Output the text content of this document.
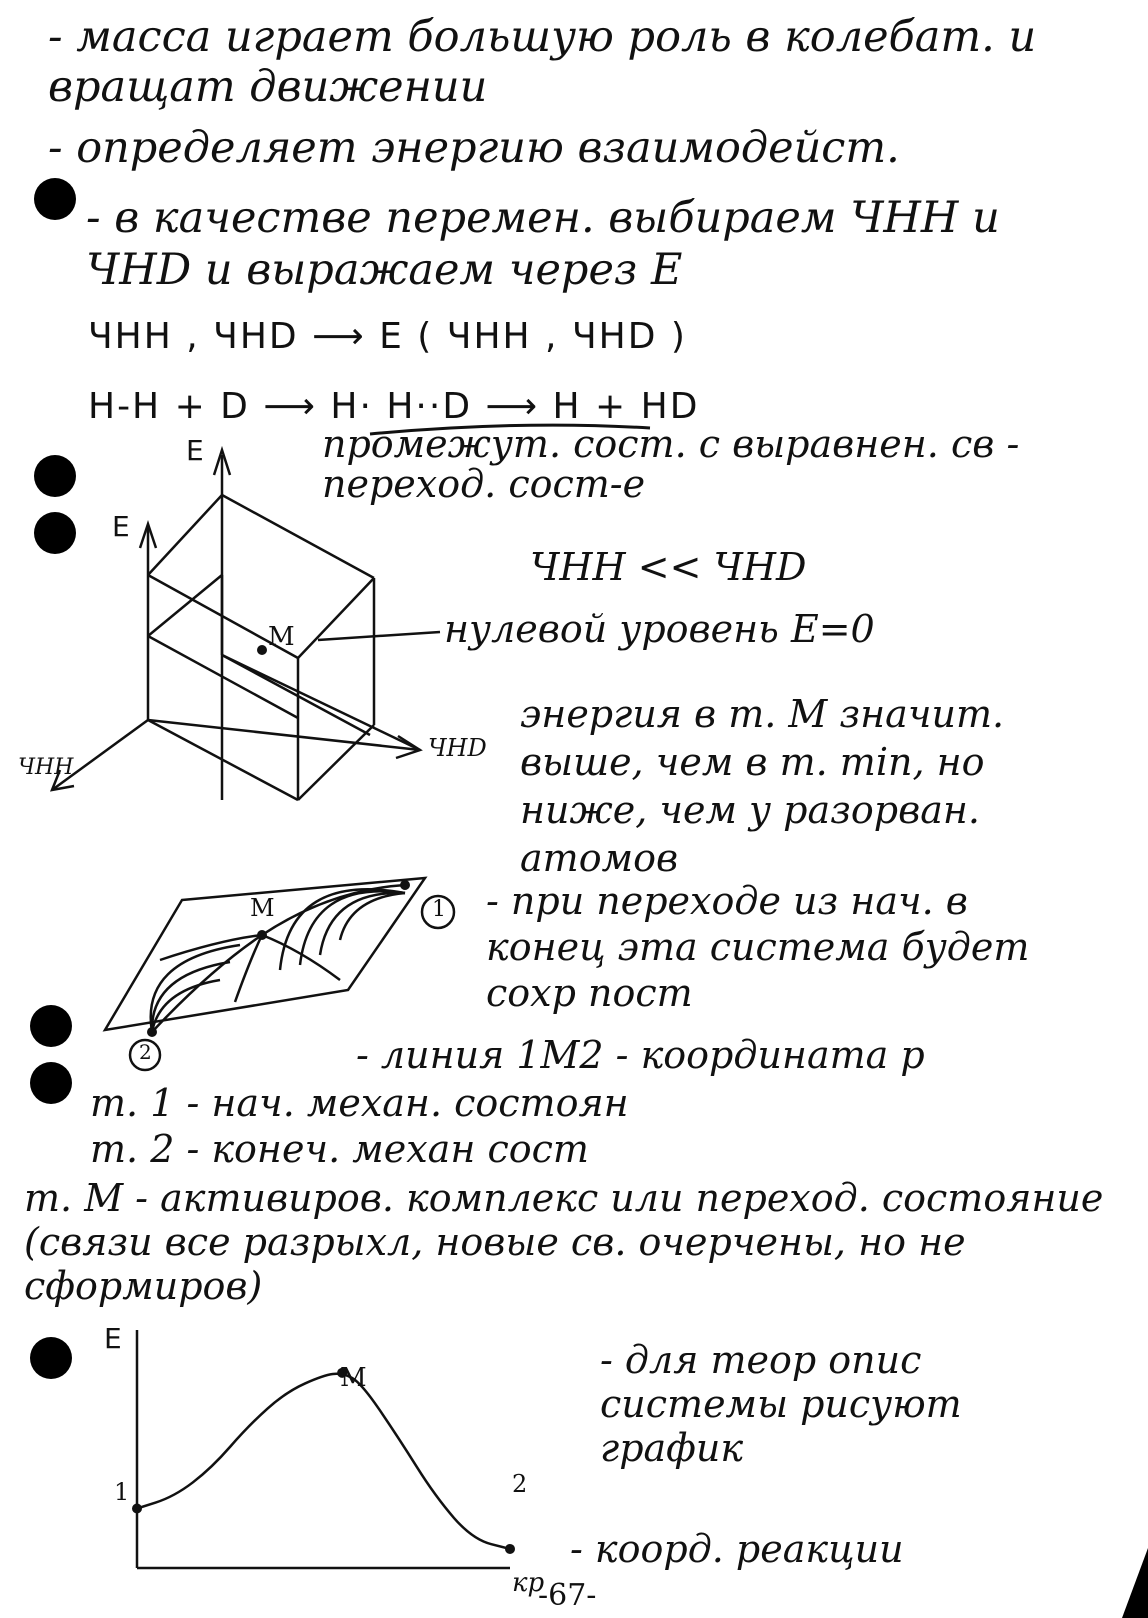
- масса играет большую роль в колебат. и вращат движении
- определяет энергию взаимодейст.
- в качестве перемен. выбираем ЧНН и ЧНD и выражаем через E
ЧНН , ЧНD ⟶ E ( ЧНН , ЧНD )
H-H + D ⟶ H· H··D ⟶ H + HD
промежут. сост. с выравнен. св - переход. сост-е
E
E
M
ЧНD
ЧНН
ЧНН << ЧНD
нулевой уровень E=0
энергия в т. М значит. выше, чем в т. min, но ниже, чем у разорван. атомов
M	1
2
- при переходе из нач. в конец эта система будет сохр пост
- линия 1М2 - координата р
т. 1 - нач. механ. состоян
т. 2 - конеч. механ сост
т. М - активиров. комплекс или переход. состояние (связи все разрыхл, новые св. очерчены, но не сформиров)
E
кр
1
M
2
- для теор опис системы рисуют график
- коорд. реакции
-67-
